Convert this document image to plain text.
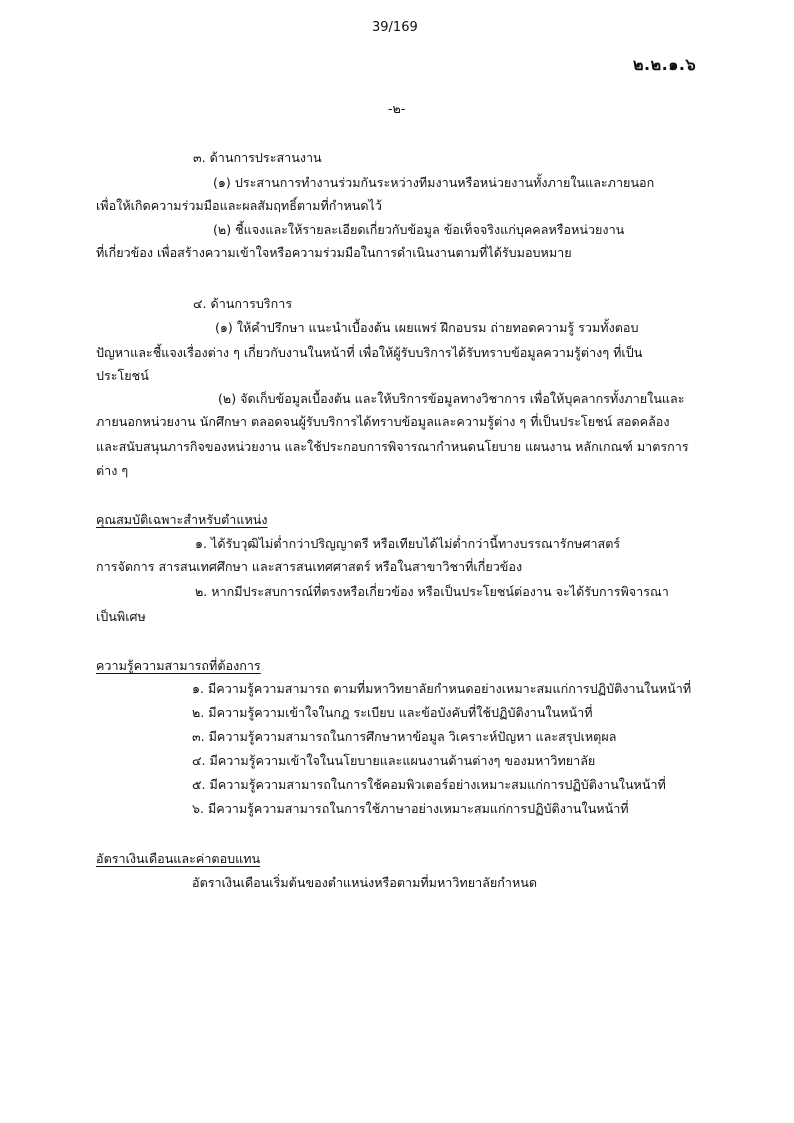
39/169
๒.๒.๑.๖
-๒-
๓. ด้านการประสานงาน
(๑) ประสานการทำงานร่วมกันระหว่างทีมงานหรือหน่วยงานทั้งภายในและภายนอก
เพื่อให้เกิดความร่วมมือและผลสัมฤทธิ์ตามที่กำหนดไว้
(๒) ชี้แจงและให้รายละเอียดเกี่ยวกับข้อมูล ข้อเท็จจริงแก่บุคคลหรือหน่วยงาน
ที่เกี่ยวข้อง เพื่อสร้างความเข้าใจหรือความร่วมมือในการดำเนินงานตามที่ได้รับมอบหมาย
๔. ด้านการบริการ
(๑) ให้คำปรึกษา แนะนำเบื้องต้น เผยแพร่ ฝึกอบรม ถ่ายทอดความรู้ รวมทั้งตอบ
ปัญหาและชี้แจงเรื่องต่าง ๆ เกี่ยวกับงานในหน้าที่ เพื่อให้ผู้รับบริการได้รับทราบข้อมูลความรู้ต่างๆ ที่เป็น
ประโยชน์
(๒) จัดเก็บข้อมูลเบื้องต้น และให้บริการข้อมูลทางวิชาการ เพื่อให้บุคลากรทั้งภายในและ
ภายนอกหน่วยงาน นักศึกษา ตลอดจนผู้รับบริการได้ทราบข้อมูลและความรู้ต่าง ๆ ที่เป็นประโยชน์ สอดคล้อง
และสนับสนุนภารกิจของหน่วยงาน และใช้ประกอบการพิจารณากำหนดนโยบาย แผนงาน หลักเกณฑ์ มาตรการ
ต่าง ๆ
คุณสมบัติเฉพาะสำหรับตำแหน่ง
๑. ได้รับวุฒิไม่ต่ำกว่าปริญญาตรี หรือเทียบได้ไม่ต่ำกว่านี้ทางบรรณารักษศาสตร์
การจัดการ สารสนเทศศึกษา และสารสนเทศศาสตร์ หรือในสาขาวิชาที่เกี่ยวข้อง
๒. หากมีประสบการณ์ที่ตรงหรือเกี่ยวข้อง หรือเป็นประโยชน์ต่องาน จะได้รับการพิจารณา
เป็นพิเศษ
ความรู้ความสามารถที่ต้องการ
๑. มีความรู้ความสามารถ ตามที่มหาวิทยาลัยกำหนดอย่างเหมาะสมแก่การปฏิบัติงานในหน้าที่
๒. มีความรู้ความเข้าใจในกฎ ระเบียบ และข้อบังคับที่ใช้ปฏิบัติงานในหน้าที่
๓. มีความรู้ความสามารถในการศึกษาหาข้อมูล วิเคราะห์ปัญหา และสรุปเหตุผล
๔. มีความรู้ความเข้าใจในนโยบายและแผนงานด้านต่างๆ ของมหาวิทยาลัย
๕. มีความรู้ความสามารถในการใช้คอมพิวเตอร์อย่างเหมาะสมแก่การปฏิบัติงานในหน้าที่
๖. มีความรู้ความสามารถในการใช้ภาษาอย่างเหมาะสมแก่การปฏิบัติงานในหน้าที่
อัตราเงินเดือนและค่าตอบแทน
อัตราเงินเดือนเริ่มต้นของตำแหน่งหรือตามที่มหาวิทยาลัยกำหนด
